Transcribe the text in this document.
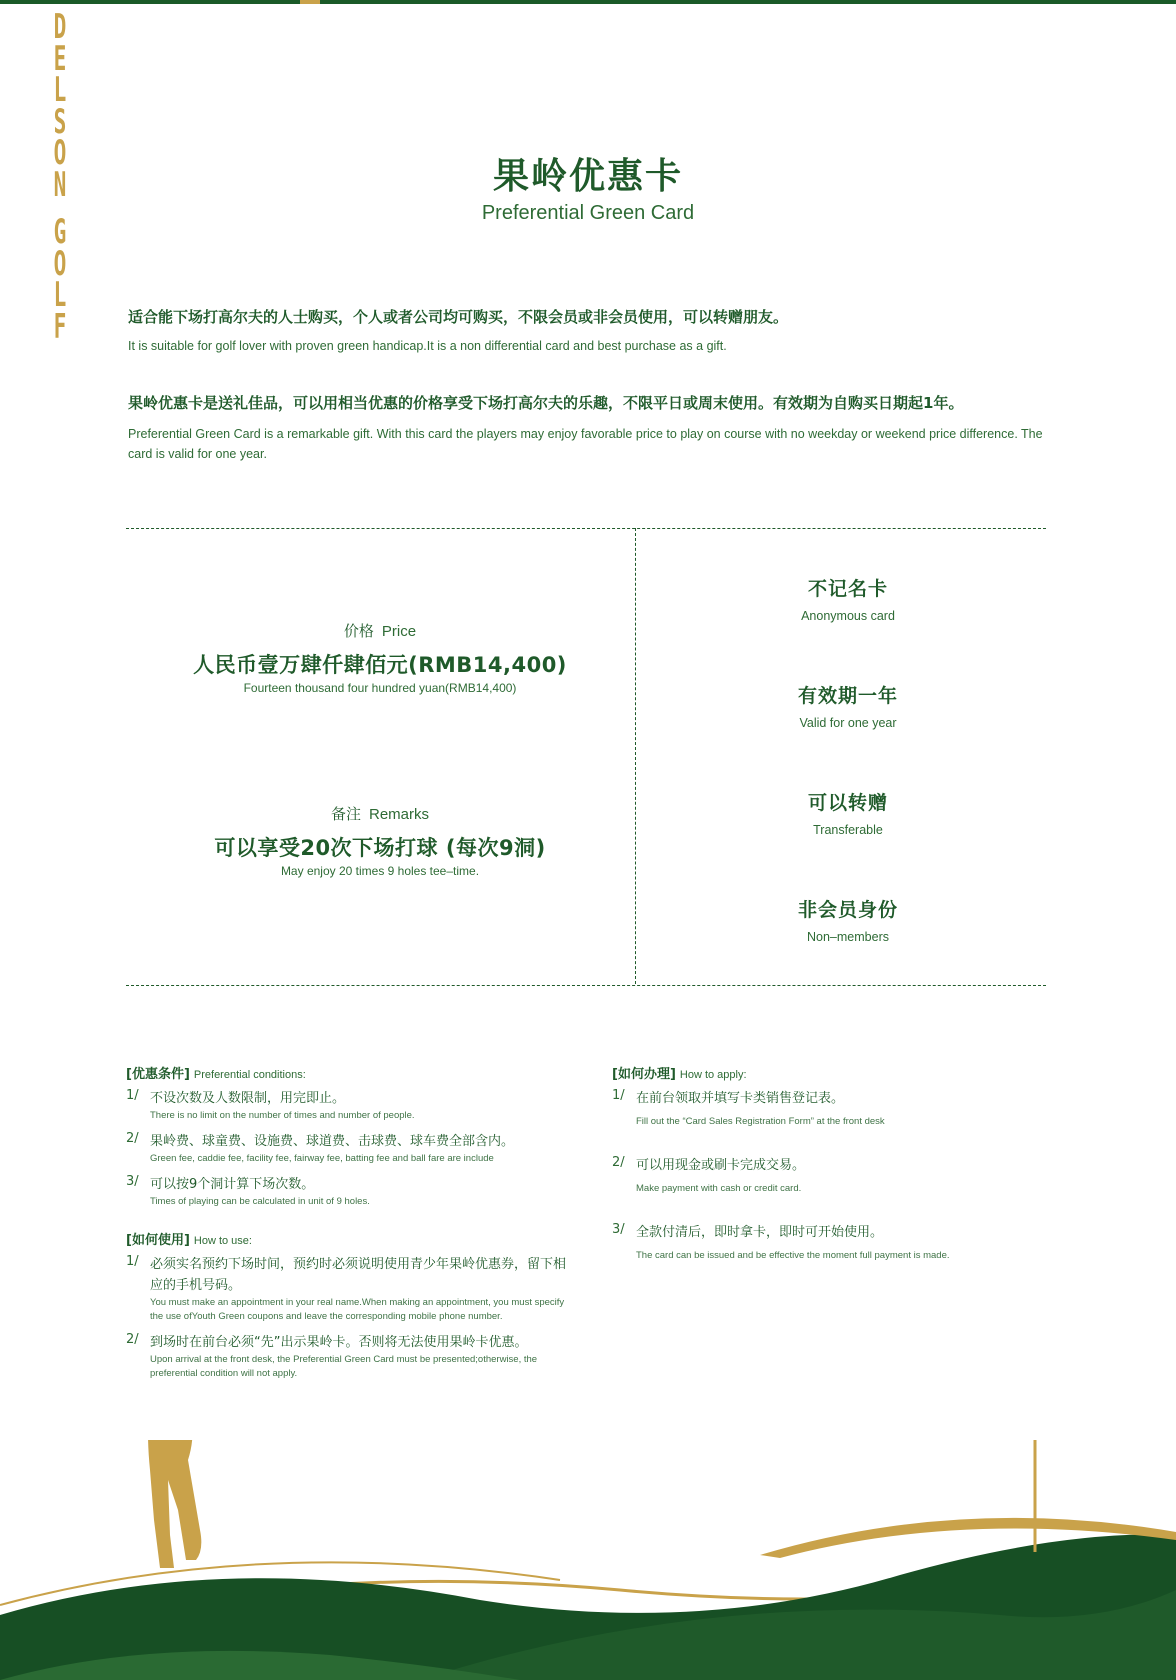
D
E
L
S
O
N
G
O
L
F
果岭优惠卡
Preferential Green Card
适合能下场打高尔夫的人士购买，个人或者公司均可购买，不限会员或非会员使用，可以转赠朋友。
It is suitable for golf lover with proven green handicap.It is a non differential card and best purchase as a gift.
果岭优惠卡是送礼佳品，可以用相当优惠的价格享受下场打高尔夫的乐趣，不限平日或周末使用。有效期为自购买日期起1年。
Preferential Green Card is a remarkable gift. With this card the players may enjoy favorable price to play on course with no weekday or weekend price difference. The card is valid for one year.
价格 Price
人民币壹万肆仟肆佰元(RMB14,400)
Fourteen thousand four hundred yuan(RMB14,400)
备注 Remarks
可以享受20次下场打球 (每次9洞)
May enjoy 20 times 9 holes tee–time.
不记名卡
Anonymous card
有效期一年
Valid for one year
可以转赠
Transferable
非会员身份
Non–members
[优惠条件] Preferential conditions:
1/ 不设次数及人数限制，用完即止。
There is no limit on the number of times and number of people.
2/ 果岭费、球童费、设施费、球道费、击球费、球车费全部含内。
Green fee, caddie fee, facility fee, fairway fee, batting fee and ball fare are include
3/ 可以按9个洞计算下场次数。
Times of playing can be calculated in unit of 9 holes.
[如何使用] How to use:
1/ 必须实名预约下场时间，预约时必须说明使用青少年果岭优惠券，留下相应的手机号码。
You must make an appointment in your real name.When making an appointment, you must specify the use ofYouth Green coupons and leave the corresponding mobile phone number.
2/ 到场时在前台必须“先”出示果岭卡。否则将无法使用果岭卡优惠。
Upon arrival at the front desk, the Preferential Green Card must be presented;otherwise, the preferential condition will not apply.
[如何办理] How to apply:
1/ 在前台领取并填写卡类销售登记表。
Fill out the “Card Sales Registration Form” at the front desk
2/ 可以用现金或刷卡完成交易。
Make payment with cash or credit card.
3/ 全款付清后，即时拿卡，即时可开始使用。
The card can be issued and be effective the moment full payment is made.
